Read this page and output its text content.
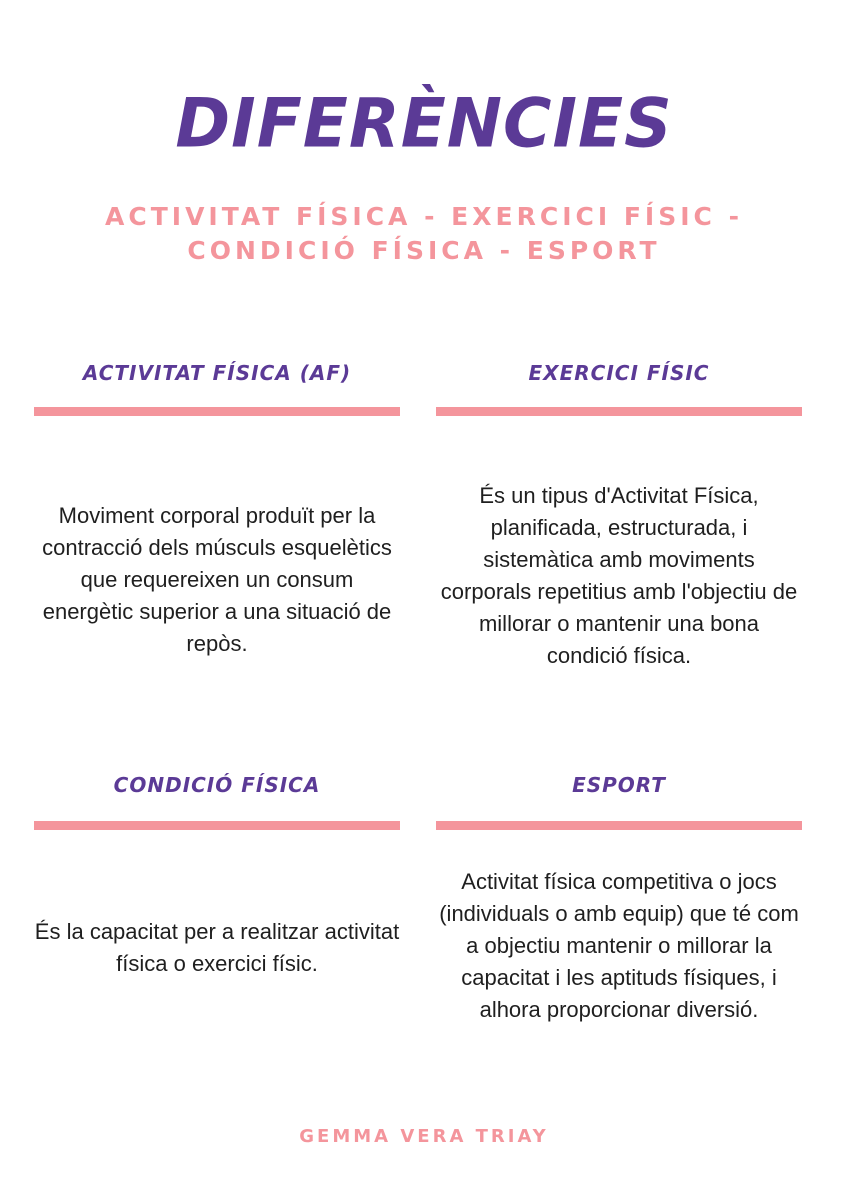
DIFERÈNCIES
ACTIVITAT FÍSICA - EXERCICI FÍSIC - CONDICIÓ FÍSICA - ESPORT
ACTIVITAT FÍSICA (AF)
Moviment corporal produït per la contracció dels músculs esquelètics que requereixen un consum energètic superior a una situació de repòs.
EXERCICI FÍSIC
És un tipus d'Activitat Física, planificada, estructurada, i sistemàtica amb moviments corporals repetitius amb l'objectiu de millorar o mantenir una bona condició física.
CONDICIÓ FÍSICA
És la capacitat per a realitzar activitat física o exercici físic.
ESPORT
Activitat física competitiva o jocs (individuals o amb equip) que té com a objectiu mantenir o millorar la capacitat i les aptituds físiques, i alhora proporcionar diversió.
GEMMA VERA TRIAY
